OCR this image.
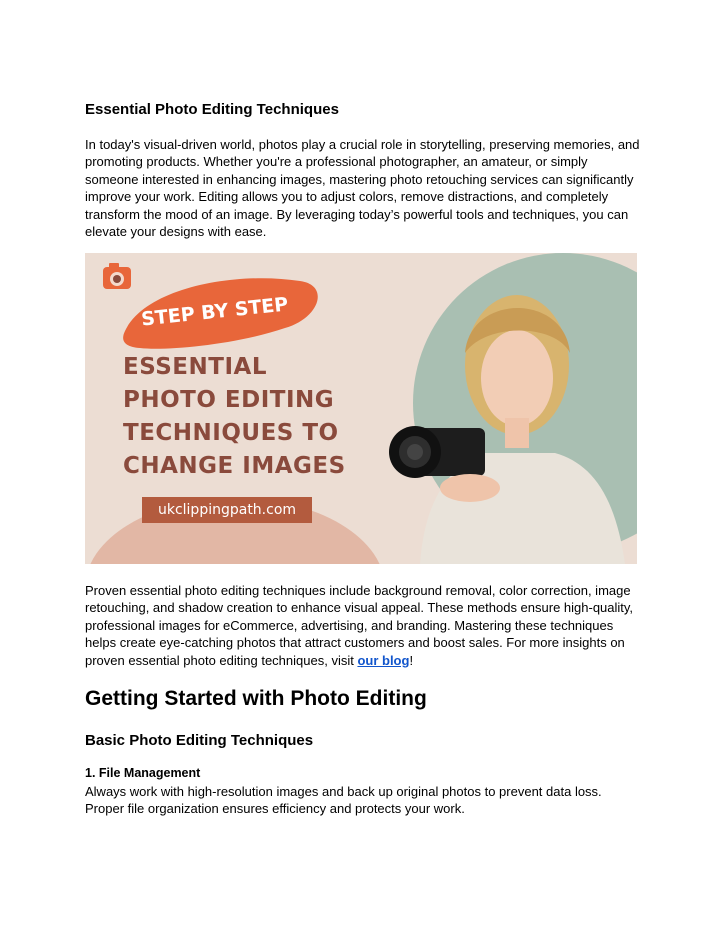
Essential Photo Editing Techniques

In today's visual-driven world, photos play a crucial role in storytelling, preserving memories, and promoting products. Whether you're a professional photographer, an amateur, or simply someone interested in enhancing images, mastering photo retouching services can significantly improve your work. Editing allows you to adjust colors, remove distractions, and completely transform the mood of an image. By leveraging today’s powerful tools and techniques, you can elevate your designs with ease.

STEP BY STEP
ESSENTIAL
PHOTO EDITING
TECHNIQUES TO
CHANGE IMAGES
ukclippingpath.com

Proven essential photo editing techniques include background removal, color correction, image retouching, and shadow creation to enhance visual appeal. These methods ensure high-quality, professional images for eCommerce, advertising, and branding. Mastering these techniques helps create eye-catching photos that attract customers and boost sales. For more insights on proven essential photo editing techniques, visit our blog!

Getting Started with Photo Editing
Basic Photo Editing Techniques
1. File Management

Always work with high-resolution images and back up original photos to prevent data loss. Proper file organization ensures efficiency and protects your work.
